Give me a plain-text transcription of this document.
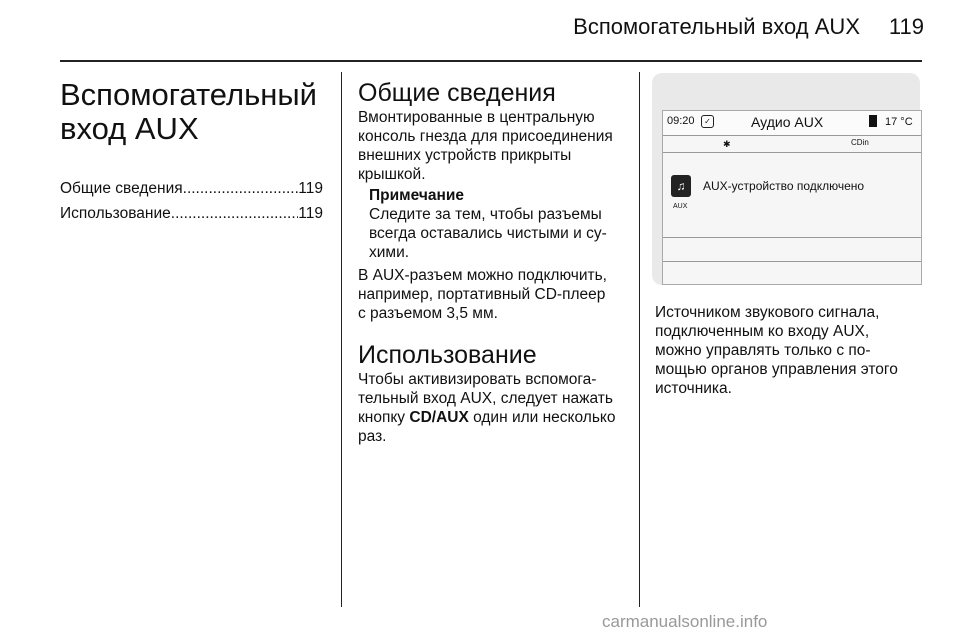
Вспомогательный вход AUX	119
Вспомогательный
вход AUX
Общие сведения .....	119
Использование .....	119
Общие сведения
Вмонтированные в центральную
консоль гнезда для присоединения
внешних устройств прикрыты
крышкой.
Примечание
Следите за тем, чтобы разъемы
всегда оставались чистыми и су-
хими.
В AUX-разъем можно подключить,
например, портативный CD-плеер
с разъемом 3,5 мм.
Использование
Чтобы активизировать вспомога-
тельный вход AUX, следует нажать
кнопку CD/AUX один или несколько
раз.
09:20	✓	Аудио AUX	17 °C
✱	CDin
♫
AUX
AUX-устройство подключено
Источником звукового сигнала,
подключенным ко входу AUX,
можно управлять только с по-
мощью органов управления этого
источника.
carmanualsonline.info
